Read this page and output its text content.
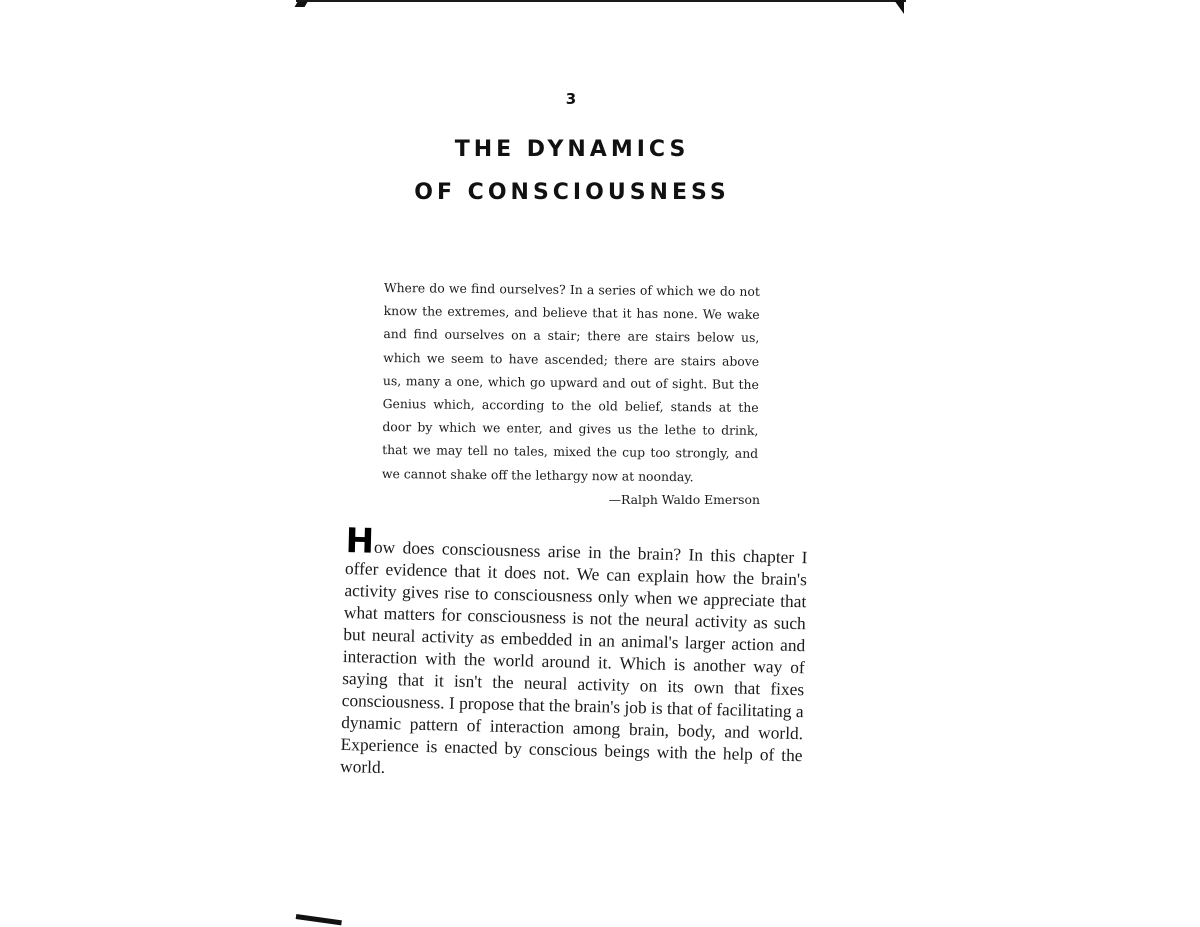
3
THE DYNAMICS
OF CONSCIOUSNESS

Where do we find ourselves? In a series of which we do not know the extremes, and believe that it has none. We wake and find ourselves on a stair; there are stairs below us, which we seem to have ascended; there are stairs above us, many a one, which go upward and out of sight. But the Genius which, according to the old belief, stands at the door by which we enter, and gives us the lethe to drink, that we may tell no tales, mixed the cup too strongly, and we cannot shake off the lethargy now at noonday.

—Ralph Waldo Emerson

How does consciousness arise in the brain? In this chapter I offer evidence that it does not. We can explain how the brain's activity gives rise to consciousness only when we appreciate that what matters for consciousness is not the neural activity as such but neural activity as embedded in an animal's larger action and interaction with the world around it. Which is another way of saying that it isn't the neural activity on its own that fixes consciousness. I propose that the brain's job is that of facilitating a dynamic pattern of interaction among brain, body, and world. Experience is enacted by conscious beings with the help of the world.
